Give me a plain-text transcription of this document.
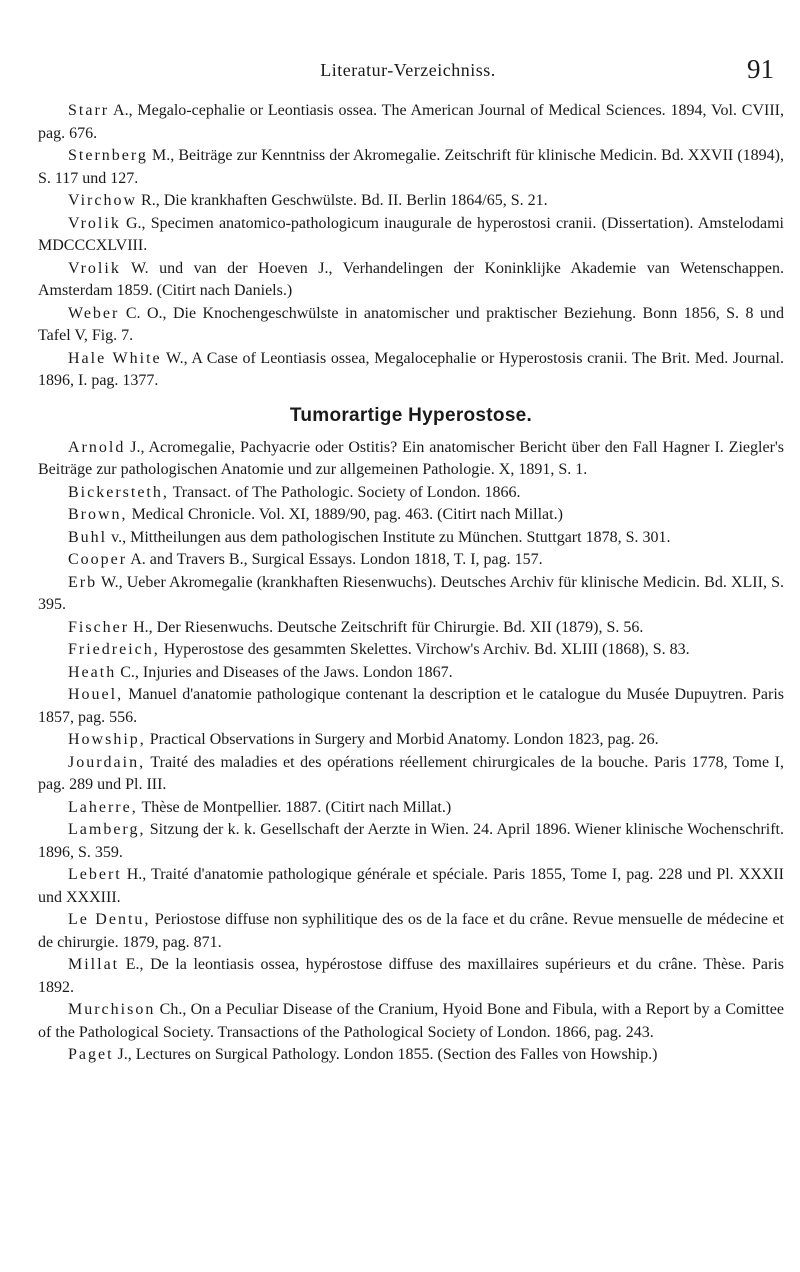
Literatur-Verzeichniss.	91

Starr A., Megalo-cephalie or Leontiasis ossea. The American Journal of Medical Sciences. 1894, Vol. CVIII, pag. 676.

Sternberg M., Beiträge zur Kenntniss der Akromegalie. Zeitschrift für klinische Medicin. Bd. XXVII (1894), S. 117 und 127.

Virchow R., Die krankhaften Geschwülste. Bd. II. Berlin 1864/65, S. 21.

Vrolik G., Specimen anatomico-pathologicum inaugurale de hyperostosi cranii. (Dissertation). Amstelodami MDCCCXLVIII.

Vrolik W. und van der Hoeven J., Verhandelingen der Koninklijke Akademie van Wetenschappen. Amsterdam 1859. (Citirt nach Daniels.)

Weber C. O., Die Knochengeschwülste in anatomischer und praktischer Beziehung. Bonn 1856, S. 8 und Tafel V, Fig. 7.

Hale White W., A Case of Leontiasis ossea, Megalocephalie or Hyperostosis cranii. The Brit. Med. Journal. 1896, I. pag. 1377.

Tumorartige Hyperostose.

Arnold J., Acromegalie, Pachyacrie oder Ostitis? Ein anatomischer Bericht über den Fall Hagner I. Ziegler's Beiträge zur pathologischen Anatomie und zur allgemeinen Pathologie. X, 1891, S. 1.

Bickersteth, Transact. of The Pathologic. Society of London. 1866.

Brown, Medical Chronicle. Vol. XI, 1889/90, pag. 463. (Citirt nach Millat.)

Buhl v., Mittheilungen aus dem pathologischen Institute zu München. Stuttgart 1878, S. 301.

Cooper A. and Travers B., Surgical Essays. London 1818, T. I, pag. 157.

Erb W., Ueber Akromegalie (krankhaften Riesenwuchs). Deutsches Archiv für klinische Medicin. Bd. XLII, S. 395.

Fischer H., Der Riesenwuchs. Deutsche Zeitschrift für Chirurgie. Bd. XII (1879), S. 56.

Friedreich, Hyperostose des gesammten Skelettes. Virchow's Archiv. Bd. XLIII (1868), S. 83.

Heath C., Injuries and Diseases of the Jaws. London 1867.

Houel, Manuel d'anatomie pathologique contenant la description et le catalogue du Musée Dupuytren. Paris 1857, pag. 556.

Howship, Practical Observations in Surgery and Morbid Anatomy. London 1823, pag. 26.

Jourdain, Traité des maladies et des opérations réellement chirurgicales de la bouche. Paris 1778, Tome I, pag. 289 und Pl. III.

Laherre, Thèse de Montpellier. 1887. (Citirt nach Millat.)

Lamberg, Sitzung der k. k. Gesellschaft der Aerzte in Wien. 24. April 1896. Wiener klinische Wochenschrift. 1896, S. 359.

Lebert H., Traité d'anatomie pathologique générale et spéciale. Paris 1855, Tome I, pag. 228 und Pl. XXXII und XXXIII.

Le Dentu, Periostose diffuse non syphilitique des os de la face et du crâne. Revue mensuelle de médecine et de chirurgie. 1879, pag. 871.

Millat E., De la leontiasis ossea, hypérostose diffuse des maxillaires supérieurs et du crâne. Thèse. Paris 1892.

Murchison Ch., On a Peculiar Disease of the Cranium, Hyoid Bone and Fibula, with a Report by a Comittee of the Pathological Society. Transactions of the Pathological Society of London. 1866, pag. 243.

Paget J., Lectures on Surgical Pathology. London 1855. (Section des Falles von Howship.)
